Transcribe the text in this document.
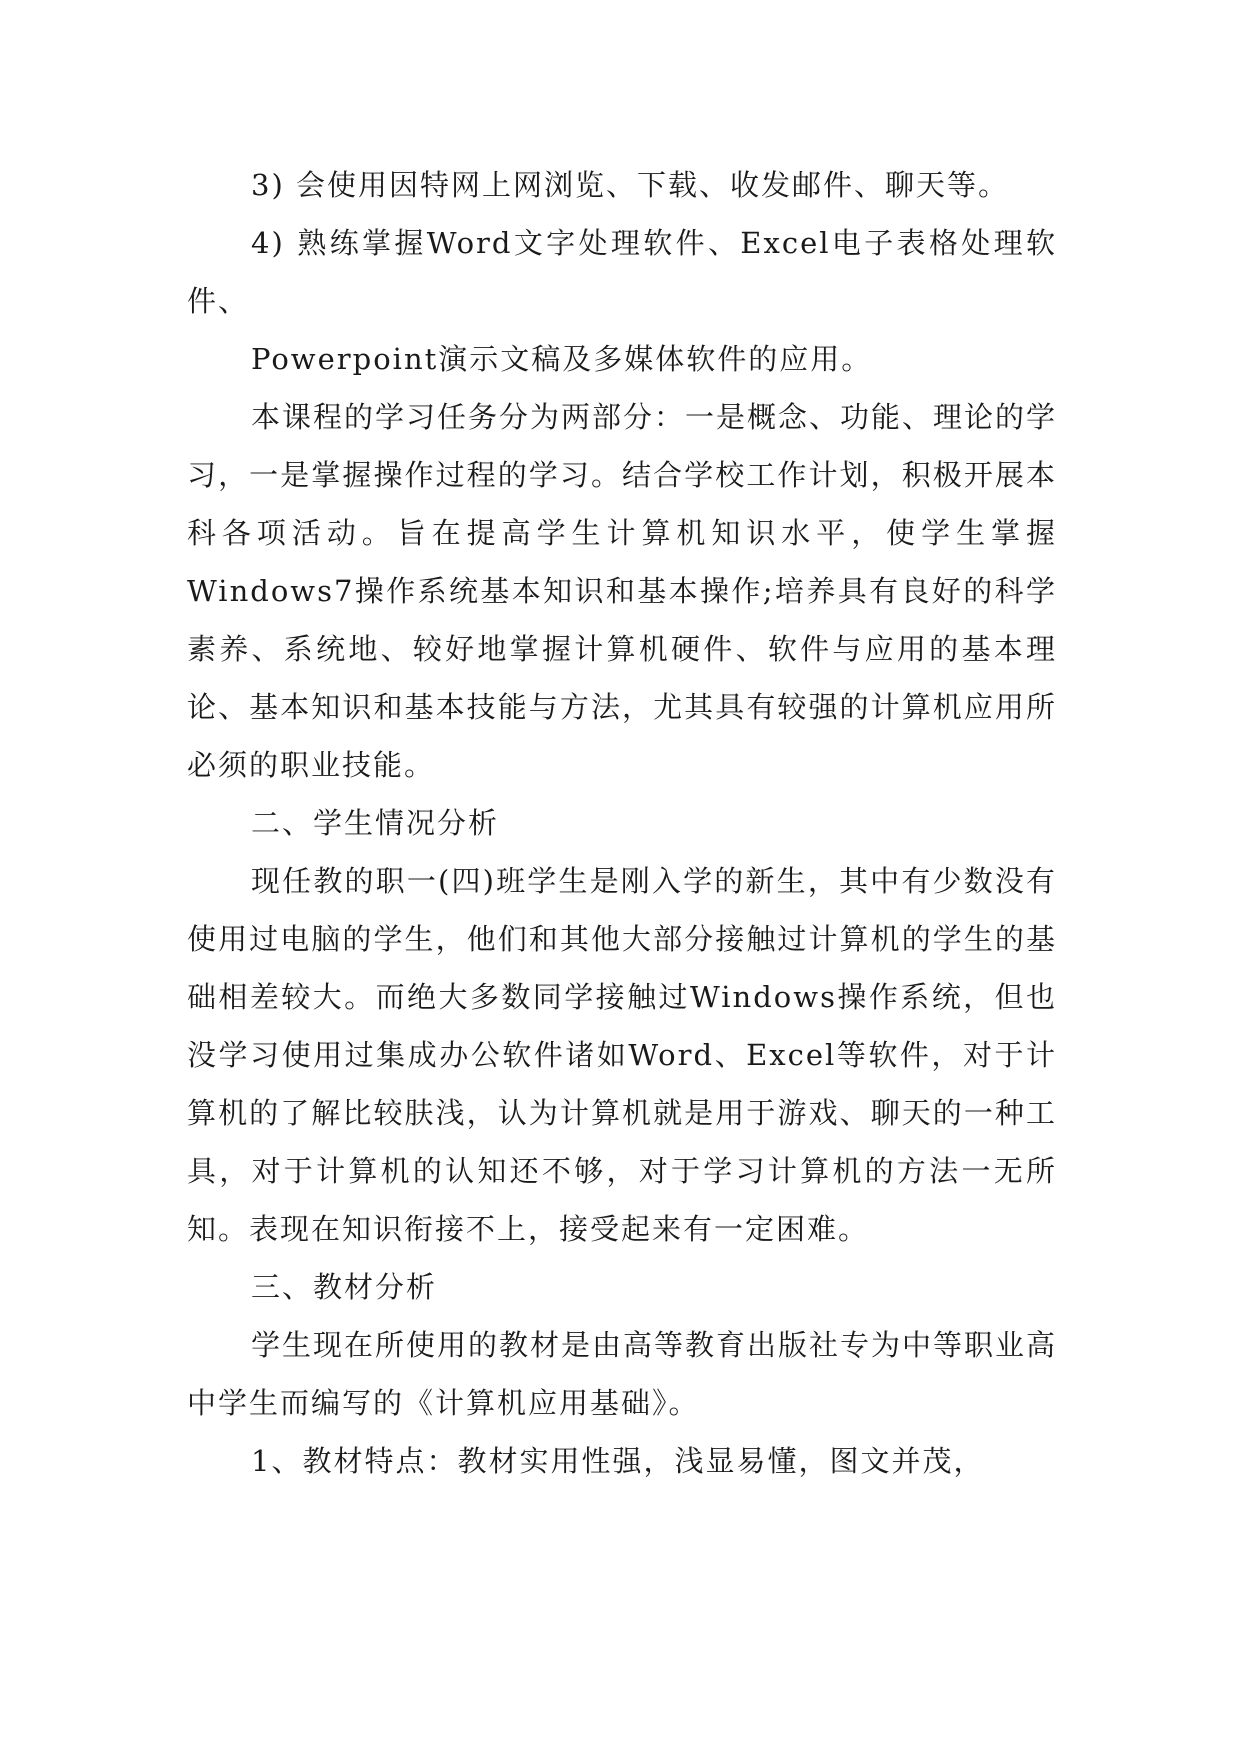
3) 会使用因特网上网浏览、下载、收发邮件、聊天等。

4) 熟练掌握Word文字处理软件、Excel电子表格处理软件、

Powerpoint演示文稿及多媒体软件的应用。

本课程的学习任务分为两部分：一是概念、功能、理论的学习，一是掌握操作过程的学习。结合学校工作计划，积极开展本科各项活动。旨在提高学生计算机知识水平，使学生掌握Windows7操作系统基本知识和基本操作;培养具有良好的科学素养、系统地、较好地掌握计算机硬件、软件与应用的基本理论、基本知识和基本技能与方法，尤其具有较强的计算机应用所必须的职业技能。

二、学生情况分析

现任教的职一(四)班学生是刚入学的新生，其中有少数没有使用过电脑的学生，他们和其他大部分接触过计算机的学生的基础相差较大。而绝大多数同学接触过Windows操作系统，但也没学习使用过集成办公软件诸如Word、Excel等软件，对于计算机的了解比较肤浅，认为计算机就是用于游戏、聊天的一种工具，对于计算机的认知还不够，对于学习计算机的方法一无所知。表现在知识衔接不上，接受起来有一定困难。

三、教材分析

学生现在所使用的教材是由高等教育出版社专为中等职业高中学生而编写的《计算机应用基础》。

1、教材特点：教材实用性强，浅显易懂，图文并茂，
